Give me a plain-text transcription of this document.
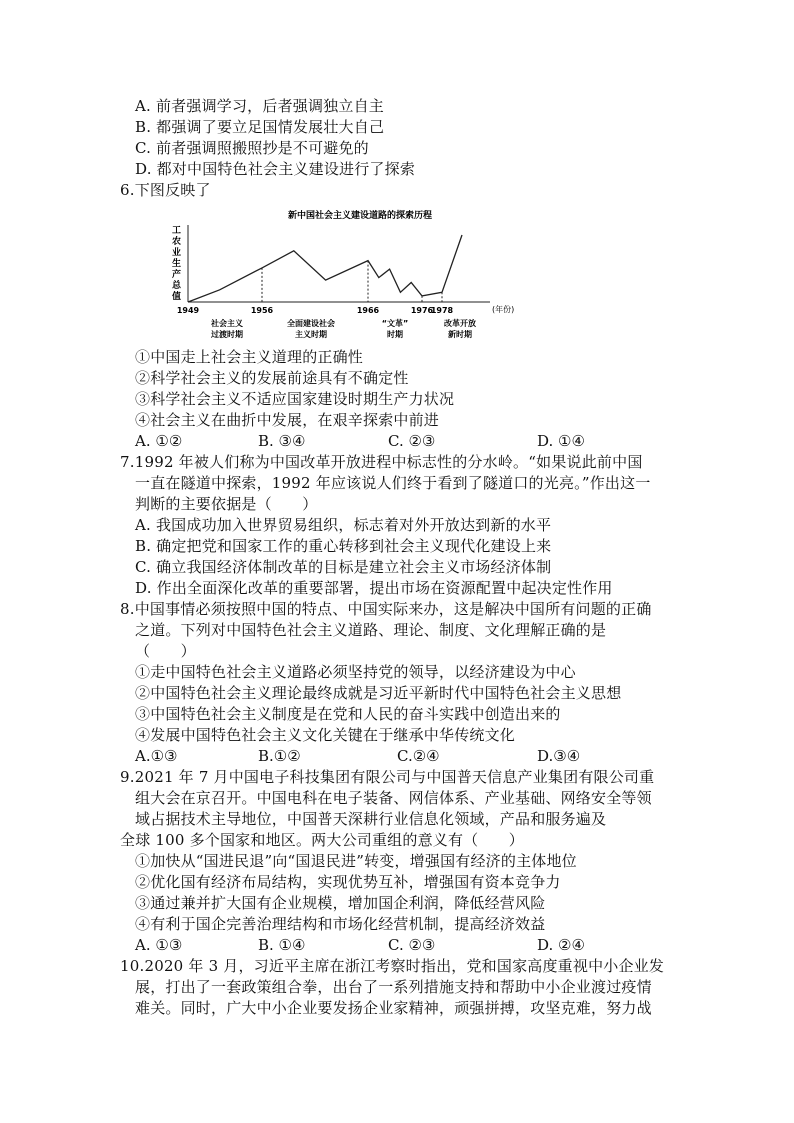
A. 前者强调学习，后者强调独立自主
B. 都强调了要立足国情发展壮大自己
C. 前者强调照搬照抄是不可避免的
D. 都对中国特色社会主义建设进行了探索
6.下图反映了
新中国社会主义建设道路的探索历程
工
农
业
生
产
总
值
(年份)
1949	1956	1966	1976
1978
社会主义
过渡时期
全面建设社会
主义时期
“文革”
时期
改革开放
新时期
①中国走上社会主义道理的正确性
②科学社会主义的发展前途具有不确定性
③科学社会主义不适应国家建设时期生产力状况
④社会主义在曲折中发展，在艰辛探索中前进
A. ①②	B. ③④	C. ②③	D. ①④
7.1992 年被人们称为中国改革开放进程中标志性的分水岭。“如果说此前中国
一直在隧道中探索，1992 年应该说人们终于看到了隧道口的光亮。”作出这一
判断的主要依据是（　　）
A. 我国成功加入世界贸易组织，标志着对外开放达到新的水平
B. 确定把党和国家工作的重心转移到社会主义现代化建设上来
C. 确立我国经济体制改革的目标是建立社会主义市场经济体制
D. 作出全面深化改革的重要部署，提出市场在资源配置中起决定性作用
8.中国事情必须按照中国的特点、中国实际来办，这是解决中国所有问题的正确
之道。下列对中国特色社会主义道路、理论、制度、文化理解正确的是
（　　）
①走中国特色社会主义道路必须坚持党的领导，以经济建设为中心
②中国特色社会主义理论最终成就是习近平新时代中国特色社会主义思想
③中国特色社会主义制度是在党和人民的奋斗实践中创造出来的
④发展中国特色社会主义文化关键在于继承中华传统文化
A.①③	B.①②	C.②④	D.③④
9.2021 年 7 月中国电子科技集团有限公司与中国普天信息产业集团有限公司重
组大会在京召开。中国电科在电子装备、网信体系、产业基础、网络安全等领
域占据技术主导地位，中国普天深耕行业信息化领域，产品和服务遍及
全球 100 多个国家和地区。两大公司重组的意义有（　　）
①加快从“国进民退”向“国退民进”转变，增强国有经济的主体地位
②优化国有经济布局结构，实现优势互补，增强国有资本竞争力
③通过兼并扩大国有企业规模，增加国企利润，降低经营风险
④有利于国企完善治理结构和市场化经营机制，提高经济效益
A. ①③	B. ①④	C. ②③	D. ②④
10.2020 年 3 月，习近平主席在浙江考察时指出，党和国家高度重视中小企业发
展，打出了一套政策组合拳，出台了一系列措施支持和帮助中小企业渡过疫情
难关。同时，广大中小企业要发扬企业家精神，顽强拼搏，攻坚克难，努力战
